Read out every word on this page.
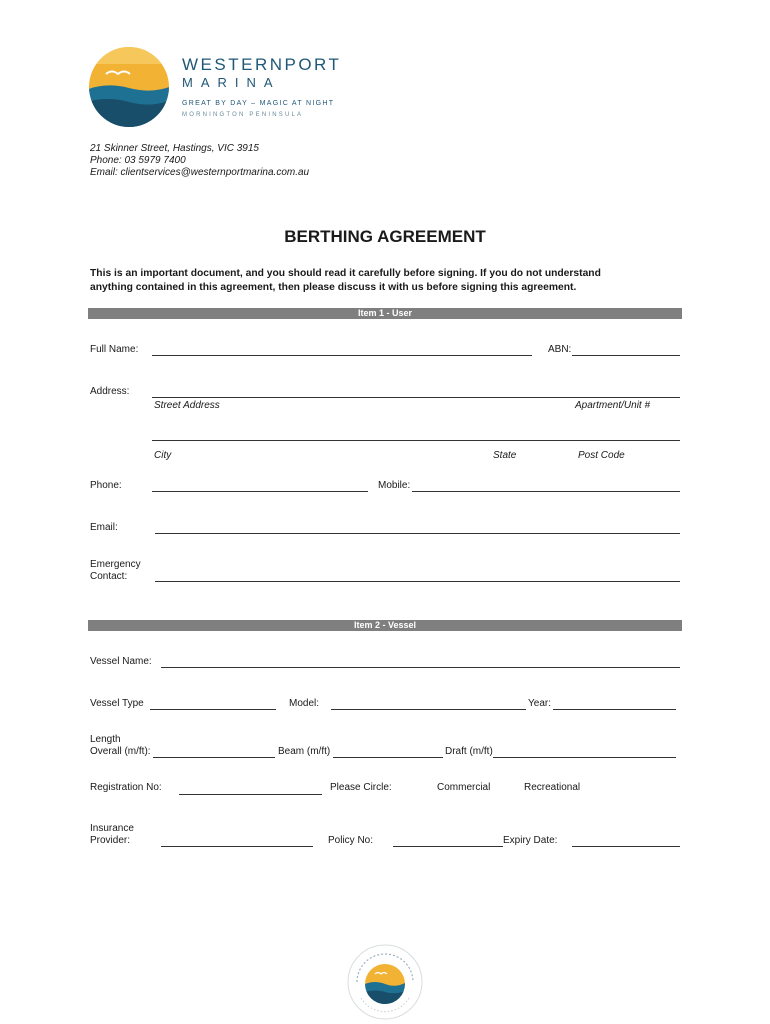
WESTERNPORT
MARINA
GREAT BY DAY – MAGIC AT NIGHT
MORNINGTON PENINSULA
21 Skinner Street, Hastings, VIC 3915
Phone: 03 5979 7400
Email: clientservices@westernportmarina.com.au
BERTHING AGREEMENT
This is an important document, and you should read it carefully before signing. If you do not understand
anything contained in this agreement, then please discuss it with us before signing this agreement.
Item 1 - User
Full Name:	ABN:
Address:
Street Address	Apartment/Unit #
City	State	Post Code
Phone:	Mobile:
Email:
Emergency
Contact:
Item 2 - Vessel
Vessel Name:
Vessel Type	Model:	Year:
Length
Overall (m/ft):	Beam (m/ft)	Draft (m/ft)
Registration No:	Please Circle:	Commercial	Recreational
Insurance
Provider:	Policy No:	Expiry Date:
